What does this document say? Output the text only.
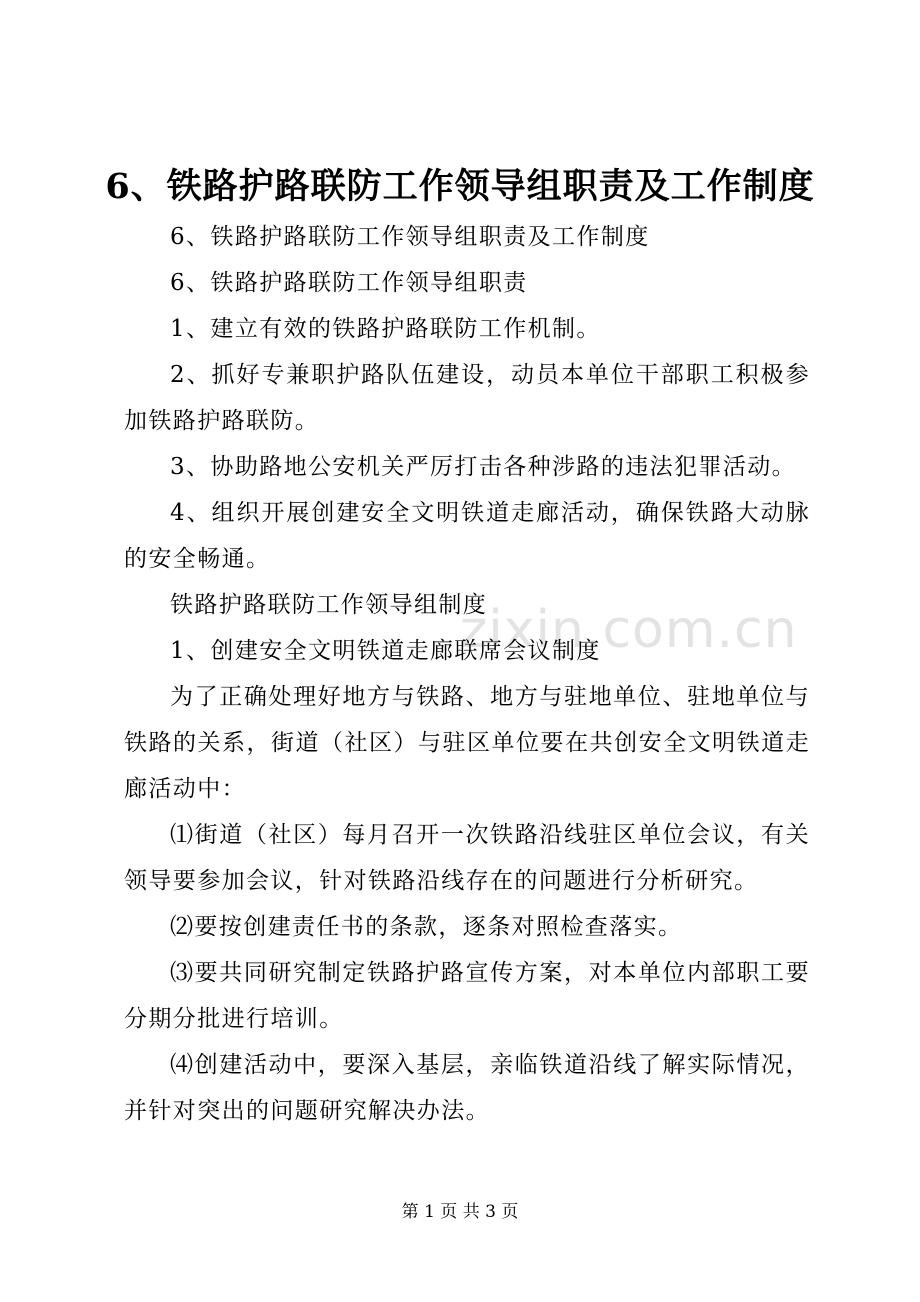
zixin.com.cn
6、铁路护路联防工作领导组职责及工作制度

6、铁路护路联防工作领导组职责及工作制度

6、铁路护路联防工作领导组职责

1、建立有效的铁路护路联防工作机制。

2、抓好专兼职护路队伍建设，动员本单位干部职工积极参加铁路护路联防。

3、协助路地公安机关严厉打击各种涉路的违法犯罪活动。

4、组织开展创建安全文明铁道走廊活动，确保铁路大动脉的安全畅通。

铁路护路联防工作领导组制度

1、创建安全文明铁道走廊联席会议制度

为了正确处理好地方与铁路、地方与驻地单位、驻地单位与铁路的关系，街道（社区）与驻区单位要在共创安全文明铁道走廊活动中：

⑴街道（社区）每月召开一次铁路沿线驻区单位会议，有关领导要参加会议，针对铁路沿线存在的问题进行分析研究。

⑵要按创建责任书的条款，逐条对照检查落实。

⑶要共同研究制定铁路护路宣传方案，对本单位内部职工要分期分批进行培训。

⑷创建活动中，要深入基层，亲临铁道沿线了解实际情况，并针对突出的问题研究解决办法。

第 1 页 共 3 页
